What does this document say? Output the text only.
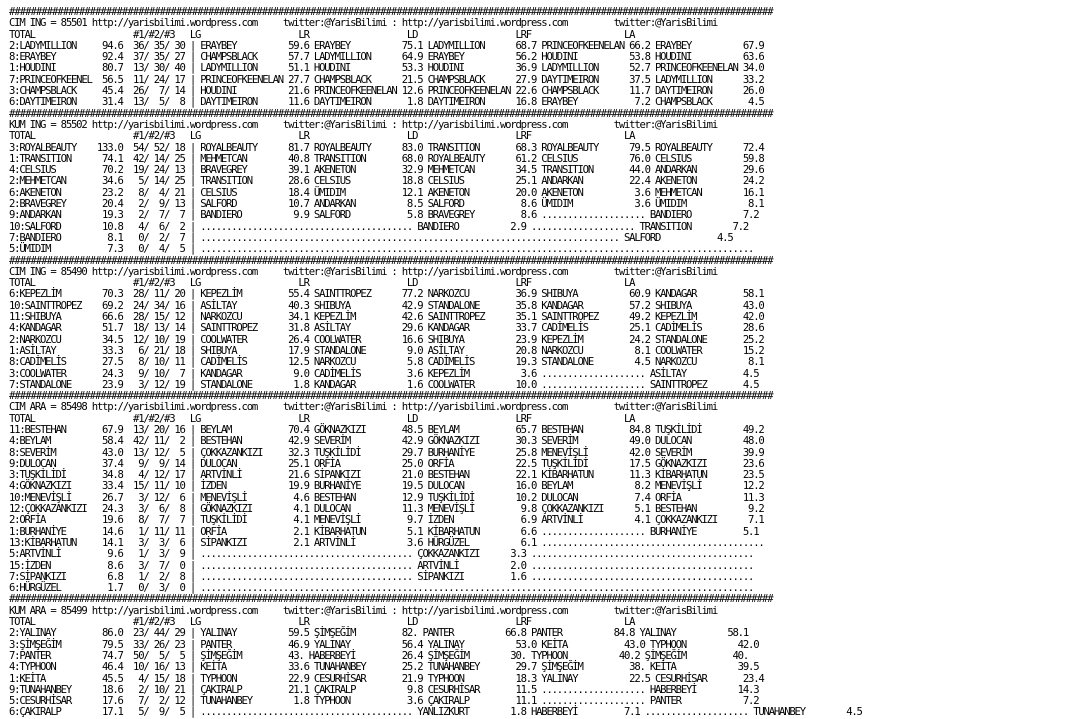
##############################################################################################################################################
CIM ING = 85501 http://yarisbilimi.wordpress.com     twitter:@YarisBilimi : http://yarisbilimi.wordpress.com         twitter:@YarisBilimi
TOTAL                   #1/#2/#3   LG                   LR                   LD                   LRF                  LA
2:LADYMILLION     94.6  36/ 35/ 30 | ERAYBEY          59.6 ERAYBEY          75.1 LADYMILLION      68.7 PRINCEOFKEENELAN 66.2 ERAYBEY          67.9
8:ERAYBEY         92.4  37/ 35/ 27 | CHAMPSBLACK      57.7 LADYMILLION      64.9 ERAYBEY          56.2 HOUDINI          53.8 HOUDINI          63.6
1:HOUDINI         80.7  13/ 30/ 40 | LADYMILLION      51.1 HOUDINI          53.3 HOUDINI          36.9 LADYMILLION      52.7 PRINCEOFKEENELAN 34.0
7:PRINCEOFKEENEL  56.5  11/ 24/ 17 | PRINCEOFKEENELAN 27.7 CHAMPSBLACK      21.5 CHAMPSBLACK      27.9 DAYTIMEIRON      37.5 LADYMILLION      33.2
3:CHAMPSBLACK     45.4  26/  7/ 14 | HOUDINI          21.6 PRINCEOFKEENELAN 12.6 PRINCEOFKEENELAN 22.6 CHAMPSBLACK      11.7 DAYTIMEIRON      26.0
6:DAYTIMEIRON     31.4  13/  5/  8 | DAYTIMEIRON      11.6 DAYTIMEIRON       1.8 DAYTIMEIRON      16.8 ERAYBEY           7.2 CHAMPSBLACK       4.5
##############################################################################################################################################
KUM ING = 85502 http://yarisbilimi.wordpress.com     twitter:@YarisBilimi : http://yarisbilimi.wordpress.com         twitter:@YarisBilimi
TOTAL                   #1/#2/#3   LG                   LR                   LD                   LRF                  LA
3:ROYALBEAUTY    133.0  54/ 52/ 18 | ROYALBEAUTY      81.7 ROYALBEAUTY      83.0 TRANSITION       68.3 ROYALBEAUTY      79.5 ROYALBEAUTY      72.4
1:TRANSITION      74.1  42/ 14/ 25 | MEHMETCAN        40.8 TRANSITION       68.0 ROYALBEAUTY      61.2 CELSIUS          76.0 CELSIUS          59.8
4:CELSIUS         70.2  19/ 24/ 13 | BRAVEGREY        39.1 AKENETON         32.9 MEHMETCAN        34.5 TRANSITION       44.0 ANDARKAN         29.6
2:MEHMETCAN       34.6   5/ 14/ 25 | TRANSITION       28.6 CELSIUS          18.8 CELSIUS          25.1 ANDARKAN         22.4 AKENETON         24.2
6:AKENETON        23.2   8/  4/ 21 | CELSIUS          18.4 ÜMIDIM           12.1 AKENETON         20.0 AKENETON          3.6 MEHMETCAN        16.1
2:BRAVEGREY       20.4   2/  9/ 13 | SALFORD          10.7 ANDARKAN          8.5 SALFORD           8.6 ÜMIDIM            3.6 ÜMIDIM            8.1
9:ANDARKAN        19.3   2/  7/  7 | BANDIERO          9.9 SALFORD           5.8 BRAVEGREY         8.6 .................... BANDIERO          7.2
10:SALFORD        10.8   4/  6/  2 | ......................................... BANDIERO          2.9 .................... TRANSITION        7.2
7:BANDIERO         8.1   0/  2/  7 | ................................................................................. SALFORD           4.5
5:ÜMIDIM           7.3   0/  4/  5 | ...........................................................................................................
##############################################################################################################################################
CIM ING = 85490 http://yarisbilimi.wordpress.com     twitter:@YarisBilimi : http://yarisbilimi.wordpress.com         twitter:@YarisBilimi
TOTAL                   #1/#2/#3   LG                   LR                   LD                   LRF                  LA
6:KEPEZLİM        70.3  28/ 11/ 20 | KEPEZLİM         55.4 SAINTTROPEZ      77.2 NARKOZCU         36.9 SHIBUYA          60.9 KANDAGAR         58.1
10:SAINTTROPEZ    69.2  24/ 34/ 16 | ASİLTAY          40.3 SHIBUYA          42.9 STANDALONE       35.8 KANDAGAR         57.2 SHIBUYA          43.0
11:SHIBUYA        66.6  28/ 15/ 12 | NARKOZCU         34.1 KEPEZLİM         42.6 SAINTTROPEZ      35.1 SAINTTROPEZ      49.2 KEPEZLİM         42.0
4:KANDAGAR        51.7  18/ 13/ 14 | SAINTTROPEZ      31.8 ASİLTAY          29.6 KANDAGAR         33.7 CADİMELİS        25.1 CADİMELİS        28.6
2:NARKOZCU        34.5  12/ 10/ 19 | COOLWATER        26.4 COOLWATER        16.6 SHIBUYA          23.9 KEPEZLİM         24.2 STANDALONE       25.2
1:ASİLTAY         33.3   6/ 21/ 18 | SHIBUYA          17.9 STANDALONE        9.0 ASİLTAY          20.8 NARKOZCU          8.1 COOLWATER        15.2
8:CADİMELİS       27.5   8/ 10/ 11 | CADİMELİS        12.5 NARKOZCU          5.8 CADİMELİS        19.3 STANDALONE        4.5 NARKOZCU          8.1
3:COOLWATER       24.3   9/ 10/  7 | KANDAGAR          9.0 CADİMELİS         3.6 KEPEZLİM          3.6 .................... ASİLTAY           4.5
7:STANDALONE      23.9   3/ 12/ 19 | STANDALONE        1.8 KANDAGAR          1.6 COOLWATER        10.0 .................... SAINTTROPEZ       4.5
##############################################################################################################################################
CIM ARA = 85498 http://yarisbilimi.wordpress.com     twitter:@YarisBilimi : http://yarisbilimi.wordpress.com         twitter:@YarisBilimi
TOTAL                   #1/#2/#3   LG                   LR                   LD                   LRF                  LA
11:BESTEHAN       67.9  13/ 20/ 16 | BEYLAM           70.4 GÖKNAZKIZI       48.5 BEYLAM           65.7 BESTEHAN         84.8 TUŞKİLİDİ        49.2
4:BEYLAM          58.4  42/ 11/  2 | BESTEHAN         42.9 SEVERİM          42.9 GÖKNAZKIZI       30.3 SEVERİM          49.0 DULOCAN          48.0
8:SEVERİM         43.0  13/ 12/  5 | ÇOKKAZANKIZI     32.3 TUŞKİLİDİ        29.7 BURHANİYE        25.8 MENEVİŞLİ        42.0 SEVERİM          39.9
9:DULOCAN         37.4   9/  9/ 14 | DULOCAN          25.1 ORFİA            25.0 ORFİA            22.5 TUŞKİLİDİ        17.5 GÖKNAZKIZI       23.6
3:TUŞKİLİDİ       34.8   4/ 12/ 17 | ARTVİNLİ         21.6 SİPANKIZI        21.0 BESTEHAN         22.1 KİBARHATUN       11.3 KİBARHATUN       23.5
4:GÖKNAZKIZI      33.4  15/ 11/ 10 | İZDEN            19.9 BURHANİYE        19.5 DULOCAN          16.0 BEYLAM            8.2 MENEVİŞLİ        12.2
10:MENEVİŞLİ      26.7   3/ 12/  6 | MENEVİŞLİ         4.6 BESTEHAN         12.9 TUŞKİLİDİ        10.2 DULOCAN           7.4 ORFİA            11.3
12:ÇOKKAZANKIZI   24.3   3/  6/  8 | GÖKNAZKIZI        4.1 DULOCAN          11.3 MENEVİŞLİ         9.8 ÇOKKAZANKIZI      5.1 BESTEHAN          9.2
2:ORFİA           19.6   8/  7/  7 | TUŞKİLİDİ         4.1 MENEVİŞLİ         9.7 İZDEN             6.9 ARTVİNLİ          4.1 ÇOKKAZANKIZI      7.1
1:BURHANİYE       14.6   1/ 11/ 11 | ORFİA             2.1 KİBARHATUN        5.1 KİBARHATUN        6.6 .................... BURHANİYE         5.1
13:KİBARHATUN     14.1   3/  3/  6 | SİPANKIZI         2.1 ARTVİNLİ          3.6 HÜRGÜZEL          6.1 ...........................................
5:ARTVİNLİ         9.6   1/  3/  9 | ......................................... ÇOKKAZANKIZI      3.3 ...........................................
15:İZDEN           8.6   3/  7/  0 | ......................................... ARTVİNLİ          2.0 ...........................................
7:SİPANKIZI        6.8   1/  2/  8 | ......................................... SİPANKIZI         1.6 ...........................................
6:HÜRGÜZEL         1.7   0/  3/  0 | ...........................................................................................................
##############################################################################################################################################
KUM ARA = 85499 http://yarisbilimi.wordpress.com     twitter:@YarisBilimi : http://yarisbilimi.wordpress.com         twitter:@YarisBilimi
TOTAL                   #1/#2/#3   LG                   LR                   LD                   LRF                  LA
2:YALINAY         86.0  23/ 44/ 29 | YALINAY          59.5 ŞİMŞEĞİM         82. PANTER          66.8 PANTER          84.8 YALINAY          58.1
3:ŞİMŞEĞİM        79.5  33/ 26/ 23 | PANTER           46.9 YALINAY          56.4 YALINAY          53.0 KEİTA           43.0 TYPHOON          42.0
7:PANTER          74.7  50/  5/  5 | ŞİMŞEĞİM         43. HABERBEYİ         26.4 ŞİMŞEĞİM        30. TYPHOON          40.2 ŞİMŞEĞİM         40.
4:TYPHOON         46.4  10/ 16/ 13 | KEİTA            33.6 TUNAHANBEY       25.2 TUNAHANBEY       29.7 ŞİMŞEĞİM         38. KEİTA            39.5
1:KEİTA           45.5   4/ 15/ 18 | TYPHOON          22.9 CESURHİSAR       21.9 TYPHOON          18.3 YALINAY          22.5 CESURHİSAR       23.4
9:TUNAHANBEY      18.6   2/ 10/ 21 | ÇAKIRALP         21.1 ÇAKIRALP          9.8 CESURHİSAR       11.5 .................... HABERBEYİ        14.3
5:CESURHİSAR      17.6   7/  2/ 12 | TUNAHANBEY        1.8 TYPHOON           3.6 ÇAKIRALP         11.1 .................... PANTER            7.2
6:ÇAKIRALP        17.1   5/  9/  5 | ......................................... YANLIZKURT        1.8 HABERBEYİ         7.1 .................... TUNAHANBEY        4.5
